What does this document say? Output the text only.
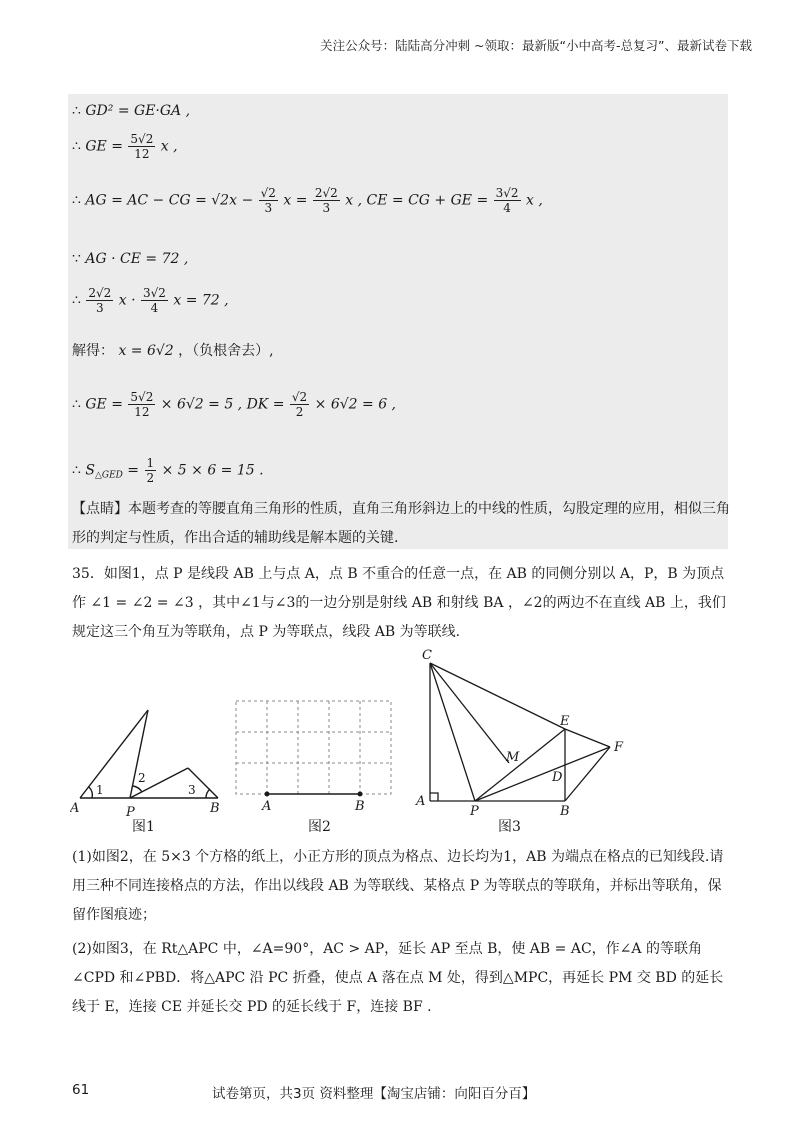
关注公众号：陆陆高分冲刺 ~领取：最新版“小中高考-总复习”、最新试卷下载
∴ GD² = GE·GA ,
∴ GE = $\frac{5√2}{12}$ x ,
∴ AG = AC − CG = $√2x - \frac{√2}{3}$ $x = \frac{2√2}{3}$ x , CE = CG + GE = $\frac{3√2}{4}$ x ,
∵ AG · CE = 72 ,
∴ $\frac{2√2}{3}$ $x \cdot \frac{3√2}{4}$ x = 72 ,
解得： x = 6√2 ，（负根舍去）,
∴ GE = $\frac{5√2}{12} \times 6√2 = 5$ , DK = $\frac{√2}{2} \times 6√2 = 6$ ,
∴ $S_{\triangle GED} = \frac{1}{2} \times 5 \times 6 = 15$ .
【点睛】本题考查的等腰直角三角形的性质，直角三角形斜边上的中线的性质，勾股定理的应用，相似三角形的判定与性质，作出合适的辅助线是解本题的关键.
35．如图1，点 P 是线段 AB 上与点 A，点 B 不重合的任意一点，在 AB 的同侧分别以 A，P，B 为顶点作 ∠1 = ∠2 = ∠3 ，其中∠1与∠3的一边分别是射线 AB 和射线 BA ，∠2的两边不在直线 AB 上，我们规定这三个角互为等联角，点 P 为等联点，线段 AB 为等联线.
A	P	B
1
2
3
图1
A	B
图2
C
E
F
M
D
A
P	B
图3
(1)如图2，在 5×3 个方格的纸上，小正方形的顶点为格点、边长均为1，AB 为端点在格点的已知线段.请用三种不同连接格点的方法，作出以线段 AB 为等联线、某格点 P 为等联点的等联角，并标出等联角，保留作图痕迹；
(2)如图3，在 Rt△APC 中，∠A=90°，AC > AP，延长 AP 至点 B，使 AB = AC，作∠A 的等联角∠CPD 和∠PBD．将△APC 沿 PC 折叠，使点 A 落在点 M 处，得到△MPC，再延长 PM 交 BD 的延长线于 E，连接 CE 并延长交 PD 的延长线于 F，连接 BF .
61	试卷第页，共3页 资料整理【淘宝店铺：向阳百分百】
